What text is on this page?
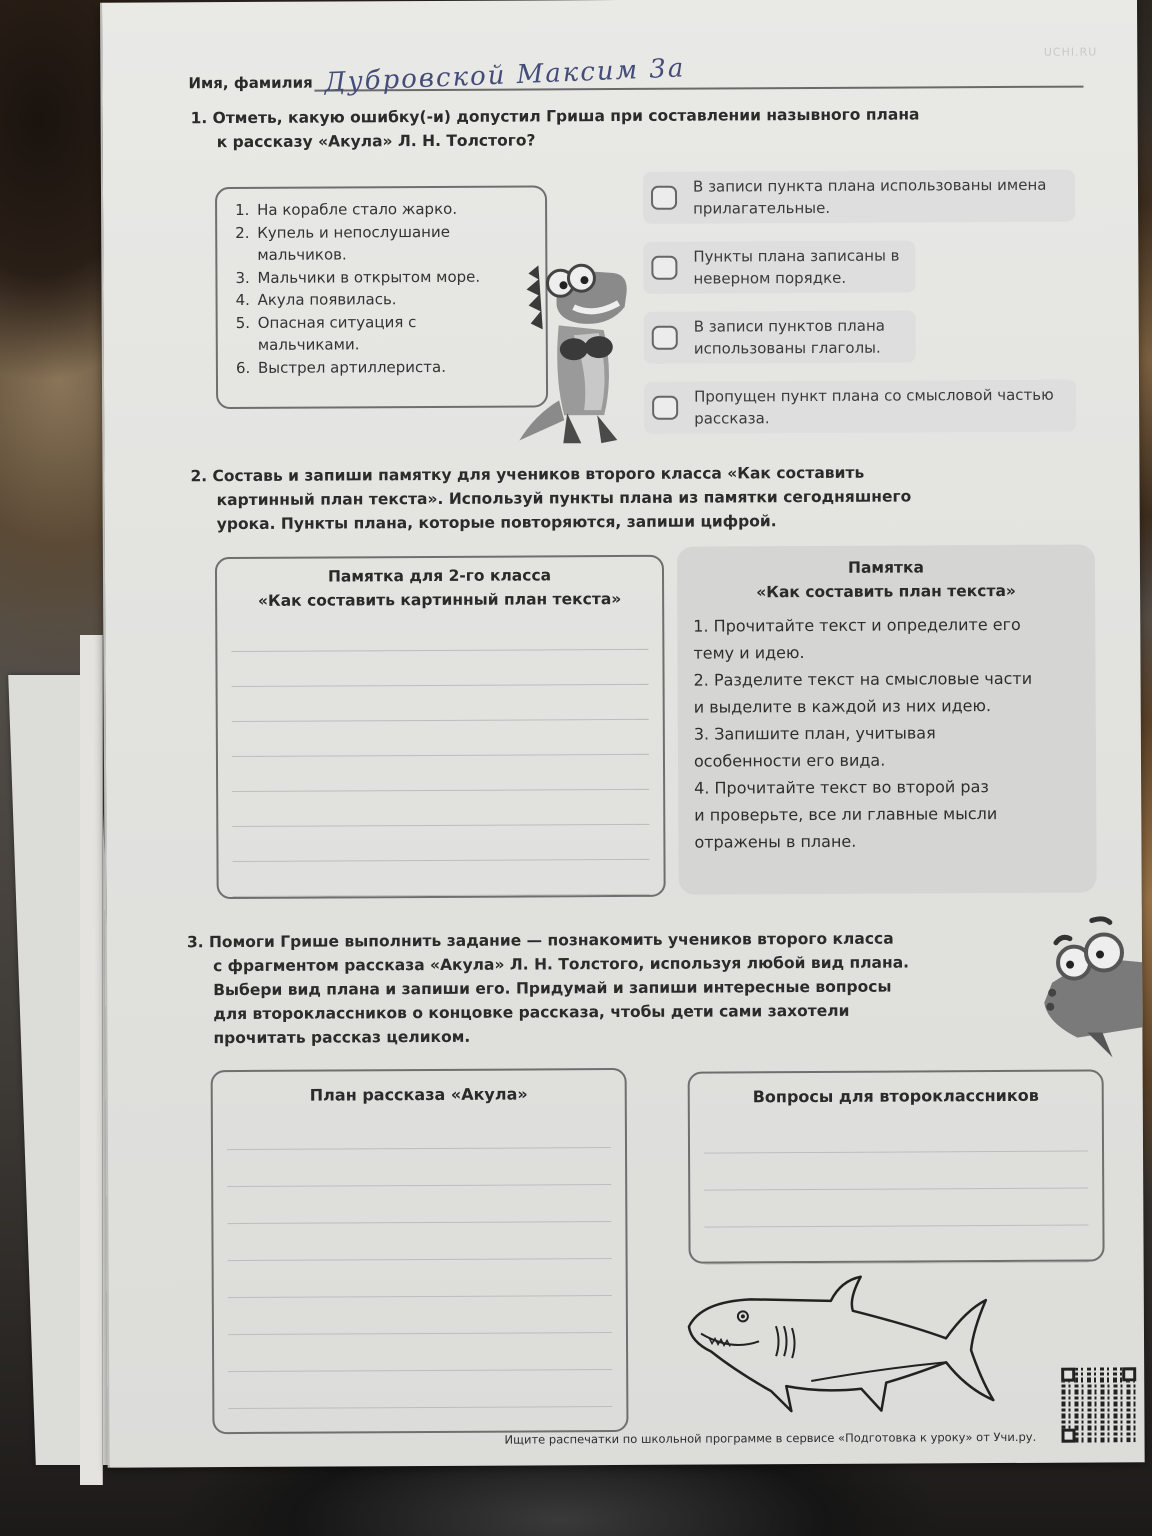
UCHI.RU
Имя, фамилия Дубровской Максим 3а
1. Отметь, какую ошибку(-и) допустил Гриша при составлении назывного плана
к рассказу «Акула» Л. Н. Толстого?
1. На корабле стало жарко.
2. Купель и непослушание мальчиков.
3. Мальчики в открытом море.
4. Акула появилась.
5. Опасная ситуация с мальчиками.
6. Выстрел артиллериста.
В записи пункта плана использованы имена прилагательные.
Пункты плана записаны в неверном порядке.
В записи пунктов плана использованы глаголы.
Пропущен пункт плана со смысловой частью рассказа.
2. Составь и запиши памятку для учеников второго класса «Как составить
картинный план текста». Используй пункты плана из памятки сегодняшнего
урока. Пункты плана, которые повторяются, запиши цифрой.
Памятка для 2-го класса
«Как составить картинный план текста»
Памятка
«Как составить план текста»
1. Прочитайте текст и определите его
тему и идею.
2. Разделите текст на смысловые части
и выделите в каждой из них идею.
3. Запишите план, учитывая
особенности его вида.
4. Прочитайте текст во второй раз
и проверьте, все ли главные мысли
отражены в плане.
3. Помоги Грише выполнить задание — познакомить учеников второго класса
с фрагментом рассказа «Акула» Л. Н. Толстого, используя любой вид плана.
Выбери вид плана и запиши его. Придумай и запиши интересные вопросы
для второклассников о концовке рассказа, чтобы дети сами захотели
прочитать рассказ целиком.
План рассказа «Акула»	Вопросы для второклассников
Ищите распечатки по школьной программе в сервисе «Подготовка к уроку» от Учи.ру.
